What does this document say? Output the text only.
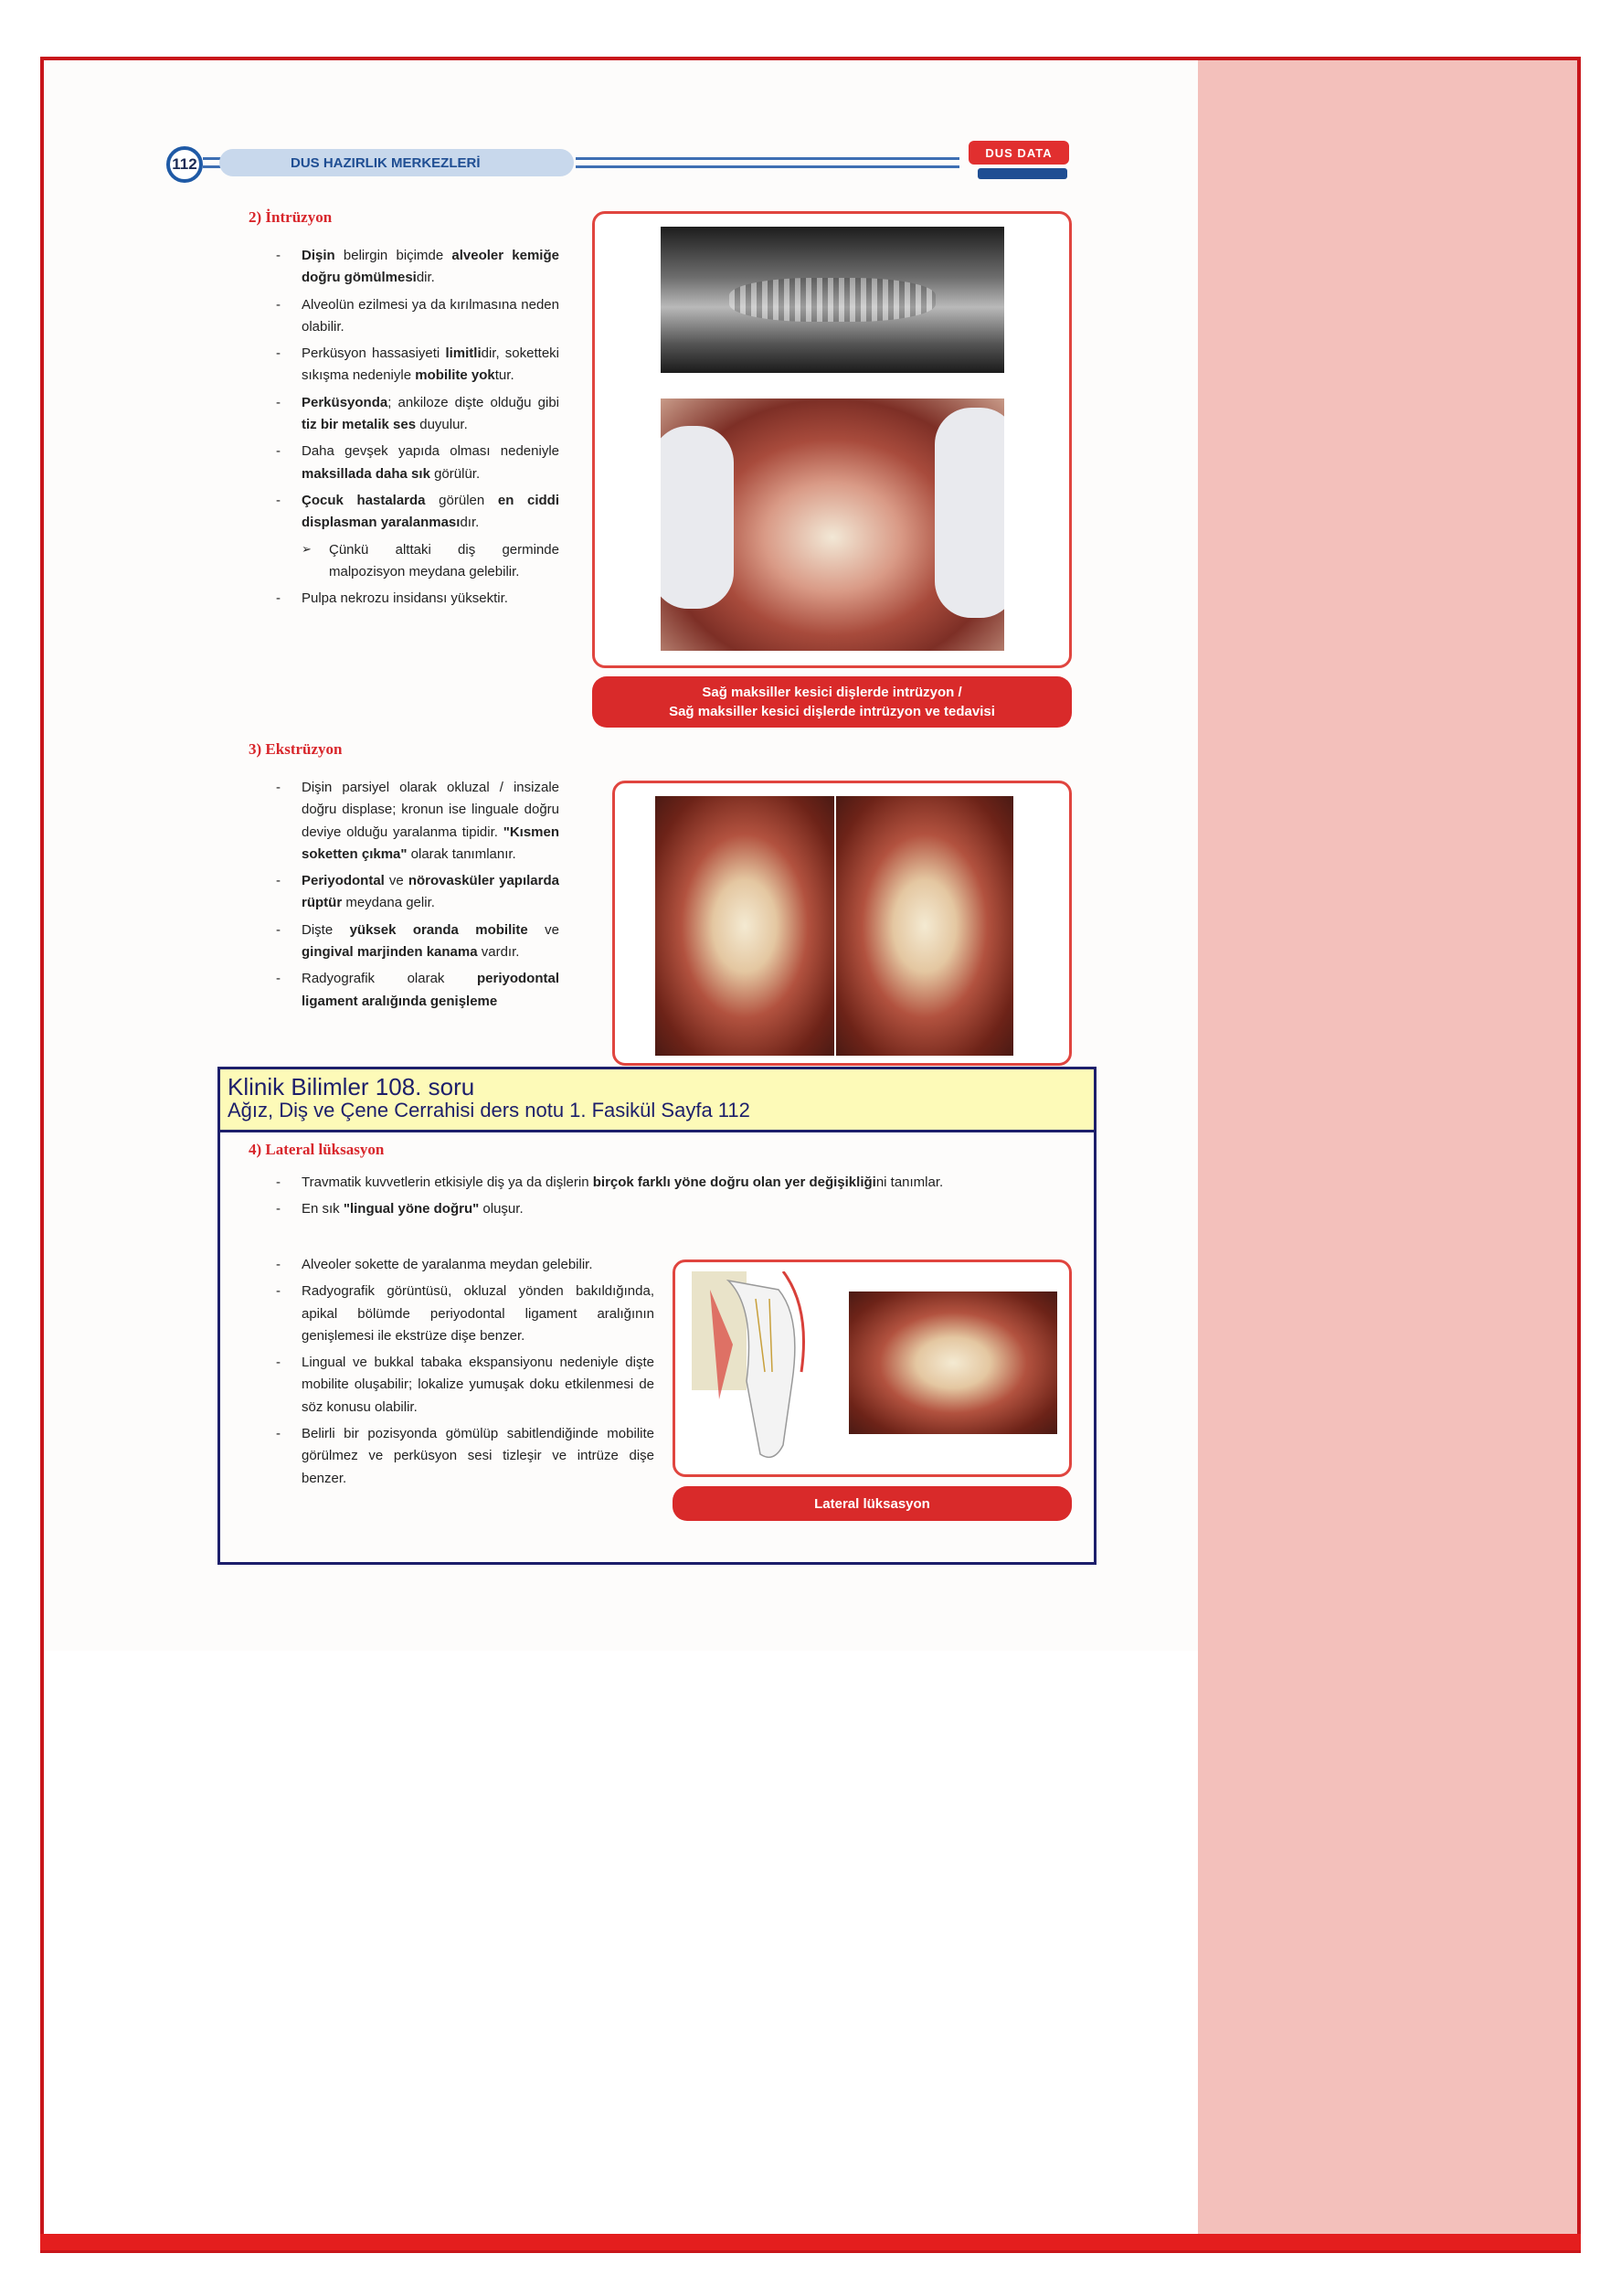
112	DUS HAZIRLIK MERKEZLERİ
DUS DATA
2) İntrüzyon
- Dişin belirgin biçimde alveoler kemiğe doğru gömülmesidir.
- Alveolün ezilmesi ya da kırılmasına neden olabilir.
- Perküsyon hassasiyeti limitlidir, soketteki sıkışma nedeniyle mobilite yoktur.
- Perküsyonda; ankiloze dişte olduğu gibi tiz bir metalik ses duyulur.
- Daha gevşek yapıda olması nedeniyle maksillada daha sık görülür.
- Çocuk hastalarda görülen en ciddi displasman yaralanmasıdır.
➢ Çünkü alttaki diş germinde malpozisyon meydana gelebilir.
- Pulpa nekrozu insidansı yüksektir.
Sağ maksiller kesici dişlerde intrüzyon /
Sağ maksiller kesici dişlerde intrüzyon ve tedavisi
3) Ekstrüzyon
- Dişin parsiyel olarak okluzal / insizale doğru displase; kronun ise linguale doğru deviye olduğu yaralanma tipidir. "Kısmen soketten çıkma" olarak tanımlanır.
- Periyodontal ve nörovasküler yapılarda rüptür meydana gelir.
- Dişte yüksek oranda mobilite ve gingival marjinden kanama vardır.
- Radyografik olarak periyodontal ligament aralığında genişleme
Klinik Bilimler 108. soru
Ağız, Diş ve Çene Cerrahisi ders notu 1. Fasikül Sayfa 112
4) Lateral lüksasyon
- Travmatik kuvvetlerin etkisiyle diş ya da dişlerin birçok farklı yöne doğru olan yer değişikliğini tanımlar.
- En sık "lingual yöne doğru" oluşur.
- Alveoler sokette de yaralanma meydan gelebilir.
- Radyografik görüntüsü, okluzal yönden bakıldığında, apikal bölümde periyodontal ligament aralığının genişlemesi ile ekstrüze dişe benzer.
- Lingual ve bukkal tabaka ekspansiyonu nedeniyle dişte mobilite oluşabilir; lokalize yumuşak doku etkilenmesi de söz konusu olabilir.
- Belirli bir pozisyonda gömülüp sabitlendiğinde mobilite görülmez ve perküsyon sesi tizleşir ve intrüze dişe benzer.
Lateral lüksasyon
